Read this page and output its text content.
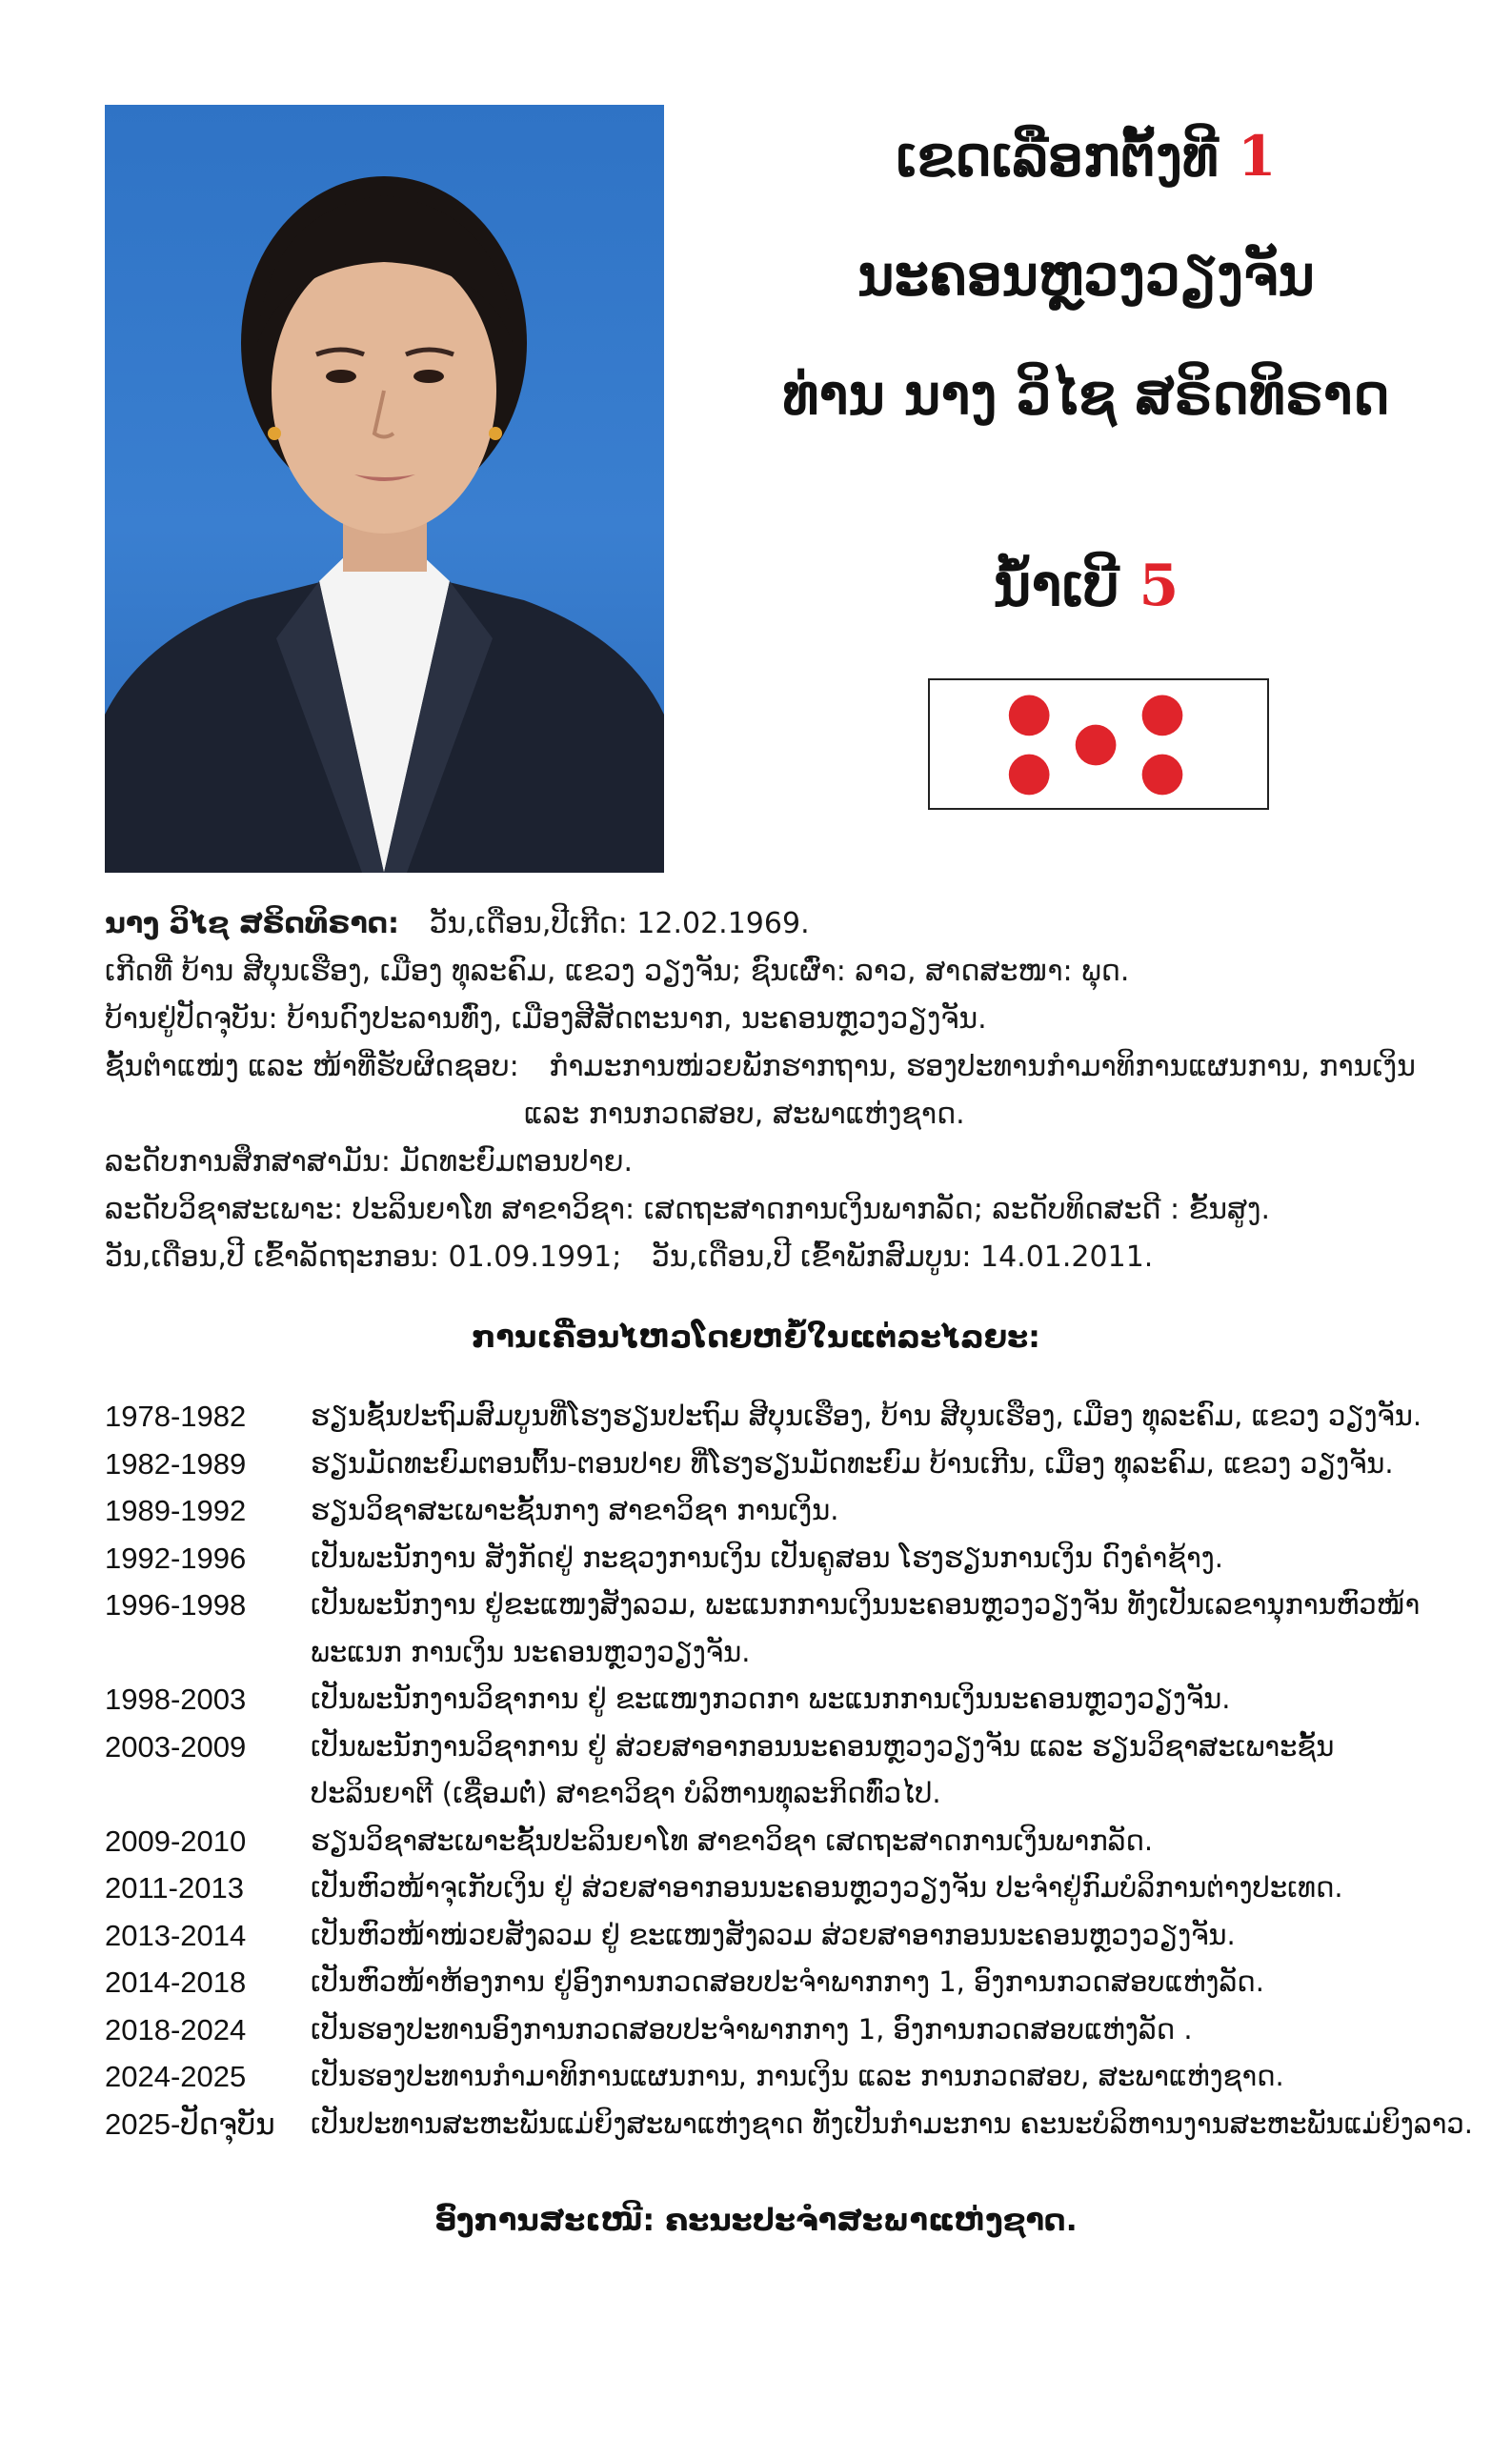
ເຂດເລືອກຕັ້ງທີ 1
ນະຄອນຫຼວງວຽງຈັນ
ທ່ານ ນາງ ວິໄຊ ສຣິດທິຣາດ
ນໍ້າເບີ 5
ນາງ ວິໄຊ ສຣິດທິຣາດ: ວັນ,ເດືອນ,ປີເກີດ: 12.02.1969.
ເກີດທີ່ ບ້ານ ສີບຸນເຮືອງ, ເມືອງ ທຸລະຄົມ, ແຂວງ ວຽງຈັນ; ຊົນເຜົ່າ: ລາວ, ສາດສະໜາ: ພຸດ.
ບ້ານຢູ່ປັດຈຸບັນ: ບ້ານດົງປະລານທົ່ງ, ເມືອງສີສັດຕະນາກ, ນະຄອນຫຼວງວຽງຈັນ.
ຊັ້ນຕໍາແໜ່ງ ແລະ ໜ້າທີ່ຮັບຜິດຊອບ: ກໍາມະການໜ່ວຍພັກຮາກຖານ, ຮອງປະທານກໍາມາທິການແຜນການ, ການເງິນ
ແລະ ການກວດສອບ, ສະພາແຫ່ງຊາດ.
ລະດັບການສຶກສາສາມັນ: ມັດທະຍົມຕອນປາຍ.
ລະດັບວິຊາສະເພາະ: ປະລິນຍາໂທ ສາຂາວິຊາ: ເສດຖະສາດການເງິນພາກລັດ; ລະດັບທິດສະດີ : ຂັ້ນສູງ.
ວັນ,ເດືອນ,ປີ ເຂົ້າລັດຖະກອນ: 01.09.1991; ວັນ,ເດືອນ,ປີ ເຂົ້າພັກສົມບູນ: 14.01.2011.
ການເຄື່ອນໄຫວໂດຍຫຍໍ້ໃນແຕ່ລະໄລຍະ:
1978-1982	ຮຽນຊັ້ນປະຖົມສົມບູນທີ່ໂຮງຮຽນປະຖົມ ສີບຸນເຮືອງ, ບ້ານ ສີບຸນເຮືອງ, ເມືອງ ທຸລະຄົມ, ແຂວງ ວຽງຈັນ.
1982-1989	ຮຽນມັດທະຍົມຕອນຕົ້ນ-ຕອນປາຍ ທີ່ໂຮງຮຽນມັດທະຍົມ ບ້ານເກີນ, ເມືອງ ທຸລະຄົມ, ແຂວງ ວຽງຈັນ.
1989-1992	ຮຽນວິຊາສະເພາະຊັ້ນກາງ ສາຂາວິຊາ ການເງິນ.
1992-1996	ເປັນພະນັກງານ ສັງກັດຢູ່ ກະຊວງການເງິນ ເປັນຄູສອນ ໂຮງຮຽນການເງິນ ດົງຄໍາຊ້າງ.
1996-1998	ເປັນພະນັກງານ ຢູ່ຂະແໜງສັງລວມ, ພະແນກການເງິນນະຄອນຫຼວງວຽງຈັນ ທັງເປັນເລຂານຸການຫົວໜ້າ
ພະແນກ ການເງິນ ນະຄອນຫຼວງວຽງຈັນ.
1998-2003	ເປັນພະນັກງານວິຊາການ ຢູ່ ຂະແໜງກວດກາ ພະແນກການເງິນນະຄອນຫຼວງວຽງຈັນ.
2003-2009	ເປັນພະນັກງານວິຊາການ ຢູ່ ສ່ວຍສາອາກອນນະຄອນຫຼວງວຽງຈັນ ແລະ ຮຽນວິຊາສະເພາະຊັ້ນ
ປະລິນຍາຕີ (ເຊື່ອມຕໍ່) ສາຂາວິຊາ ບໍລິຫານທຸລະກິດທົ່ວໄປ.
2009-2010	ຮຽນວິຊາສະເພາະຊັ້ນປະລິນຍາໂທ ສາຂາວິຊາ ເສດຖະສາດການເງິນພາກລັດ.
2011-2013	ເປັນຫົວໜ້າຈຸເກັບເງິນ ຢູ່ ສ່ວຍສາອາກອນນະຄອນຫຼວງວຽງຈັນ ປະຈໍາຢູ່ກົມບໍລິການຕ່າງປະເທດ.
2013-2014	ເປັນຫົວໜ້າໜ່ວຍສັງລວມ ຢູ່ ຂະແໜງສັງລວມ ສ່ວຍສາອາກອນນະຄອນຫຼວງວຽງຈັນ.
2014-2018	ເປັນຫົວໜ້າຫ້ອງການ ຢູ່ອົງການກວດສອບປະຈໍາພາກກາງ 1, ອົງການກວດສອບແຫ່ງລັດ.
2018-2024	ເປັນຮອງປະທານອົງການກວດສອບປະຈໍາພາກກາງ 1, ອົງການກວດສອບແຫ່ງລັດ .
2024-2025	ເປັນຮອງປະທານກໍາມາທິການແຜນການ, ການເງິນ ແລະ ການກວດສອບ, ສະພາແຫ່ງຊາດ.
2025-ປັດຈຸບັນ	ເປັນປະທານສະຫະພັນແມ່ຍິງສະພາແຫ່ງຊາດ ທັງເປັນກໍາມະການ ຄະນະບໍລິຫານງານສະຫະພັນແມ່ຍິງລາວ.
ອົງການສະເໜີ: ຄະນະປະຈໍາສະພາແຫ່ງຊາດ.
